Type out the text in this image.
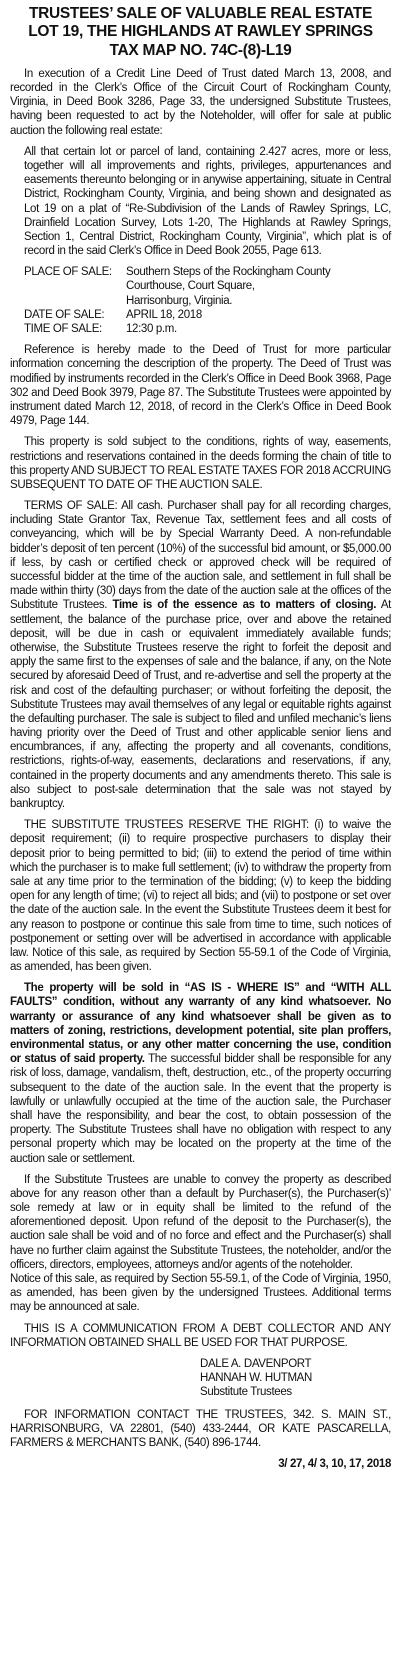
TRUSTEES’ SALE OF VALUABLE REAL ESTATE
LOT 19, THE HIGHLANDS AT RAWLEY SPRINGS
TAX MAP NO. 74C-(8)-L19

In execution of a Credit Line Deed of Trust dated March 13, 2008, and recorded in the Clerk’s Office of the Circuit Court of Rockingham County, Virginia, in Deed Book 3286, Page 33, the undersigned Substitute Trustees, having been requested to act by the Noteholder, will offer for sale at public auction the following real estate:

All that certain lot or parcel of land, containing 2.427 acres, more or less, together will all improvements and rights, privileges, appurtenances and easements thereunto belonging or in anywise appertaining, situate in Central District, Rockingham County, Virginia, and being shown and designated as Lot 19 on a plat of “Re-Subdivision of the Lands of Rawley Springs, LC, Drainfield Location Survey, Lots 1-20, The Highlands at Rawley Springs, Section 1, Central District, Rockingham County, Virginia”, which plat is of record in the said Clerk’s Office in Deed Book 2055, Page 613.

PLACE OF SALE:	Southern Steps of the Rockingham County
Courthouse, Court Square,
Harrisonburg, Virginia.

DATE OF SALE:	APRIL 18, 2018
TIME OF SALE:	12:30 p.m.

Reference is hereby made to the Deed of Trust for more particular information concerning the description of the property. The Deed of Trust was modified by instruments recorded in the Clerk’s Office in Deed Book 3968, Page 302 and Deed Book 3979, Page 87. The Substitute Trustees were appointed by instrument dated March 12, 2018, of record in the Clerk’s Office in Deed Book 4979, Page 144.

This property is sold subject to the conditions, rights of way, easements, restrictions and reservations contained in the deeds forming the chain of title to this property AND SUBJECT TO REAL ESTATE TAXES FOR 2018 ACCRUING SUBSEQUENT TO DATE OF THE AUCTION SALE.

TERMS OF SALE: All cash. Purchaser shall pay for all recording charges, including State Grantor Tax, Revenue Tax, settlement fees and all costs of conveyancing, which will be by Special Warranty Deed. A non-refundable bidder’s deposit of ten percent (10%) of the successful bid amount, or $5,000.00 if less, by cash or certified check or approved check will be required of successful bidder at the time of the auction sale, and settlement in full shall be made within thirty (30) days from the date of the auction sale at the offices of the Substitute Trustees. Time is of the essence as to matters of closing. At settlement, the balance of the purchase price, over and above the retained deposit, will be due in cash or equivalent immediately available funds; otherwise, the Substitute Trustees reserve the right to forfeit the deposit and apply the same first to the expenses of sale and the balance, if any, on the Note secured by aforesaid Deed of Trust, and re-advertise and sell the property at the risk and cost of the defaulting purchaser; or without forfeiting the deposit, the Substitute Trustees may avail themselves of any legal or equitable rights against the defaulting purchaser. The sale is subject to filed and unfiled mechanic’s liens having priority over the Deed of Trust and other applicable senior liens and encumbrances, if any, affecting the property and all covenants, conditions, restrictions, rights-of-way, easements, declarations and reservations, if any, contained in the property documents and any amendments thereto. This sale is also subject to post-sale determination that the sale was not stayed by bankruptcy.

THE SUBSTITUTE TRUSTEES RESERVE THE RIGHT: (i) to waive the deposit requirement; (ii) to require prospective purchasers to display their deposit prior to being permitted to bid; (iii) to extend the period of time within which the purchaser is to make full settlement; (iv) to withdraw the property from sale at any time prior to the termination of the bidding; (v) to keep the bidding open for any length of time; (vi) to reject all bids; and (vii) to postpone or set over the date of the auction sale. In the event the Substitute Trustees deem it best for any reason to postpone or continue this sale from time to time, such notices of postponement or setting over will be advertised in accordance with applicable law. Notice of this sale, as required by Section 55-59.1 of the Code of Virginia, as amended, has been given.

The property will be sold in “AS IS - WHERE IS” and “WITH ALL FAULTS” condition, without any warranty of any kind whatsoever. No warranty or assurance of any kind whatsoever shall be given as to matters of zoning, restrictions, development potential, site plan proffers, environmental status, or any other matter concerning the use, condition or status of said property. The successful bidder shall be responsible for any risk of loss, damage, vandalism, theft, destruction, etc., of the property occurring subsequent to the date of the auction sale. In the event that the property is lawfully or unlawfully occupied at the time of the auction sale, the Purchaser shall have the responsibility, and bear the cost, to obtain possession of the property. The Substitute Trustees shall have no obligation with respect to any personal property which may be located on the property at the time of the auction sale or settlement.

If the Substitute Trustees are unable to convey the property as described above for any reason other than a default by Purchaser(s), the Purchaser(s)’ sole remedy at law or in equity shall be limited to the refund of the aforementioned deposit. Upon refund of the deposit to the Purchaser(s), the auction sale shall be void and of no force and effect and the Purchaser(s) shall have no further claim against the Substitute Trustees, the noteholder, and/or the officers, directors, employees, attorneys and/or agents of the noteholder.

Notice of this sale, as required by Section 55-59.1, of the Code of Virginia, 1950, as amended, has been given by the undersigned Trustees. Additional terms may be announced at sale.

THIS IS A COMMUNICATION FROM A DEBT COLLECTOR AND ANY INFORMATION OBTAINED SHALL BE USED FOR THAT PURPOSE.

DALE A. DAVENPORT
HANNAH W. HUTMAN
Substitute Trustees

FOR INFORMATION CONTACT THE TRUSTEES, 342. S. MAIN ST., HARRISONBURG, VA 22801, (540) 433-2444, OR KATE PASCARELLA, FARMERS & MERCHANTS BANK, (540) 896-1744.

3/ 27, 4/ 3, 10, 17, 2018
